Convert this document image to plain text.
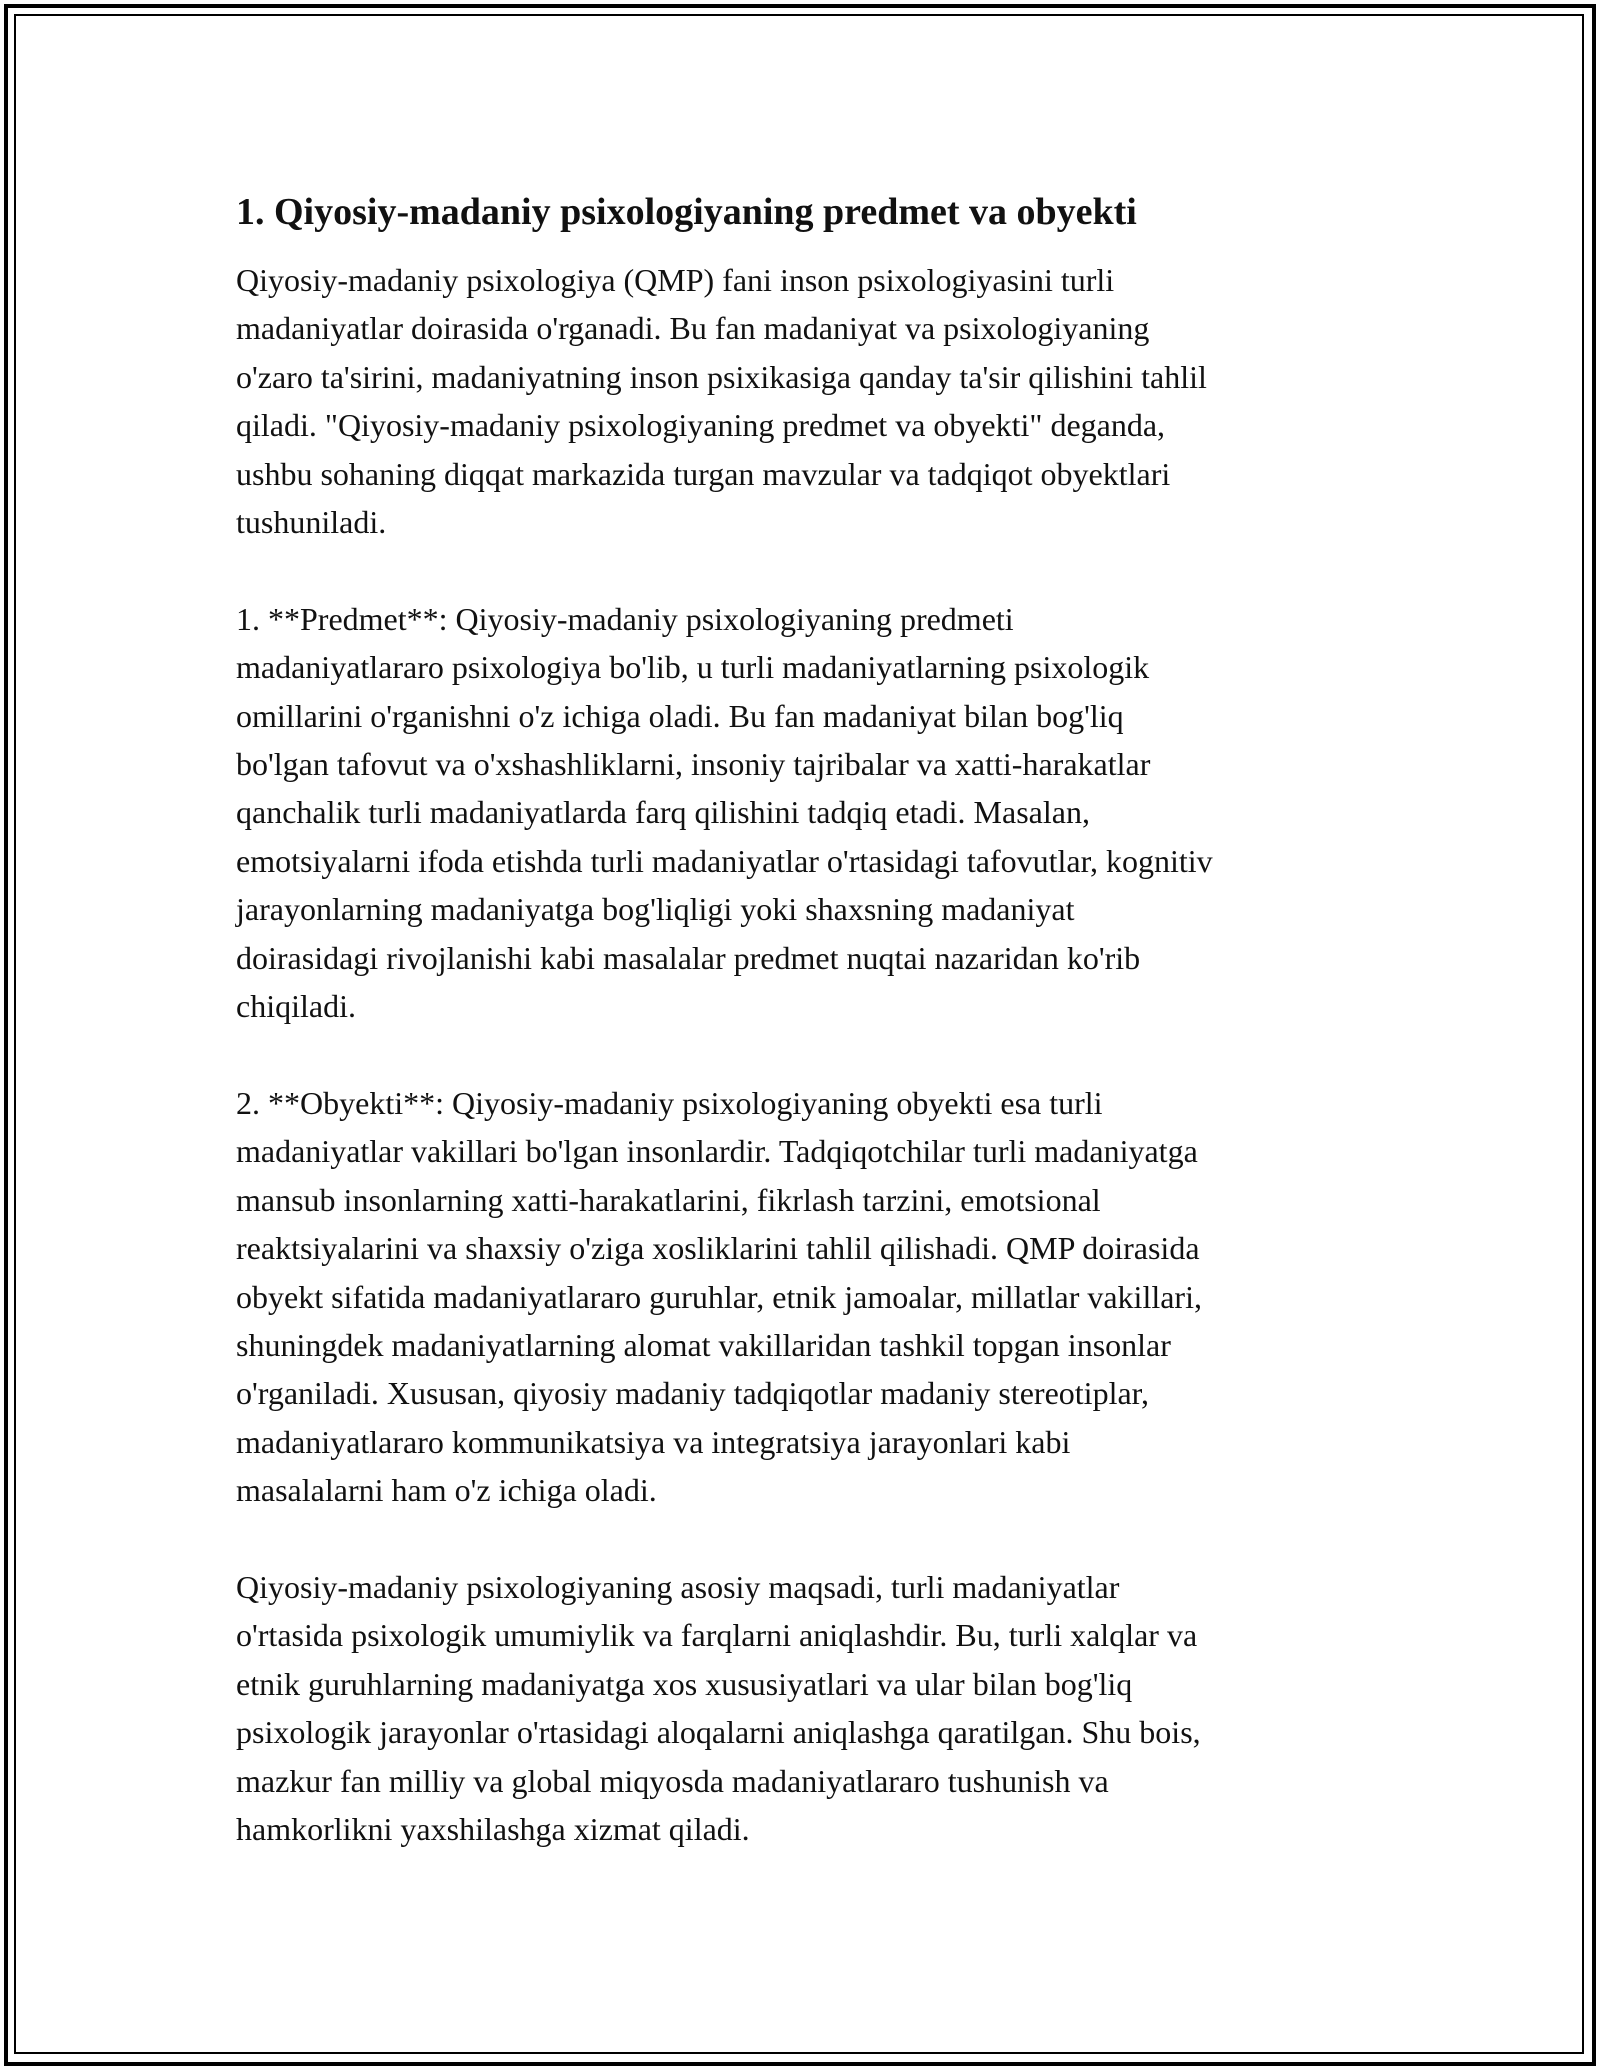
1. Qiyosiy-madaniy psixologiyaning predmet va obyekti

Qiyosiy-madaniy psixologiya (QMP) fani inson psixologiyasini turli
madaniyatlar doirasida o'rganadi. Bu fan madaniyat va psixologiyaning
o'zaro ta'sirini, madaniyatning inson psixikasiga qanday ta'sir qilishini tahlil
qiladi. "Qiyosiy-madaniy psixologiyaning predmet va obyekti" deganda,
ushbu sohaning diqqat markazida turgan mavzular va tadqiqot obyektlari
tushuniladi.

1. **Predmet**: Qiyosiy-madaniy psixologiyaning predmeti
madaniyatlararo psixologiya bo'lib, u turli madaniyatlarning psixologik
omillarini o'rganishni o'z ichiga oladi. Bu fan madaniyat bilan bog'liq
bo'lgan tafovut va o'xshashliklarni, insoniy tajribalar va xatti-harakatlar
qanchalik turli madaniyatlarda farq qilishini tadqiq etadi. Masalan,
emotsiyalarni ifoda etishda turli madaniyatlar o'rtasidagi tafovutlar, kognitiv
jarayonlarning madaniyatga bog'liqligi yoki shaxsning madaniyat
doirasidagi rivojlanishi kabi masalalar predmet nuqtai nazaridan ko'rib
chiqiladi.

2. **Obyekti**: Qiyosiy-madaniy psixologiyaning obyekti esa turli
madaniyatlar vakillari bo'lgan insonlardir. Tadqiqotchilar turli madaniyatga
mansub insonlarning xatti-harakatlarini, fikrlash tarzini, emotsional
reaktsiyalarini va shaxsiy o'ziga xosliklarini tahlil qilishadi. QMP doirasida
obyekt sifatida madaniyatlararo guruhlar, etnik jamoalar, millatlar vakillari,
shuningdek madaniyatlarning alomat vakillaridan tashkil topgan insonlar
o'rganiladi. Xususan, qiyosiy madaniy tadqiqotlar madaniy stereotiplar,
madaniyatlararo kommunikatsiya va integratsiya jarayonlari kabi
masalalarni ham o'z ichiga oladi.

Qiyosiy-madaniy psixologiyaning asosiy maqsadi, turli madaniyatlar
o'rtasida psixologik umumiylik va farqlarni aniqlashdir. Bu, turli xalqlar va
etnik guruhlarning madaniyatga xos xususiyatlari va ular bilan bog'liq
psixologik jarayonlar o'rtasidagi aloqalarni aniqlashga qaratilgan. Shu bois,
mazkur fan milliy va global miqyosda madaniyatlararo tushunish va
hamkorlikni yaxshilashga xizmat qiladi.
